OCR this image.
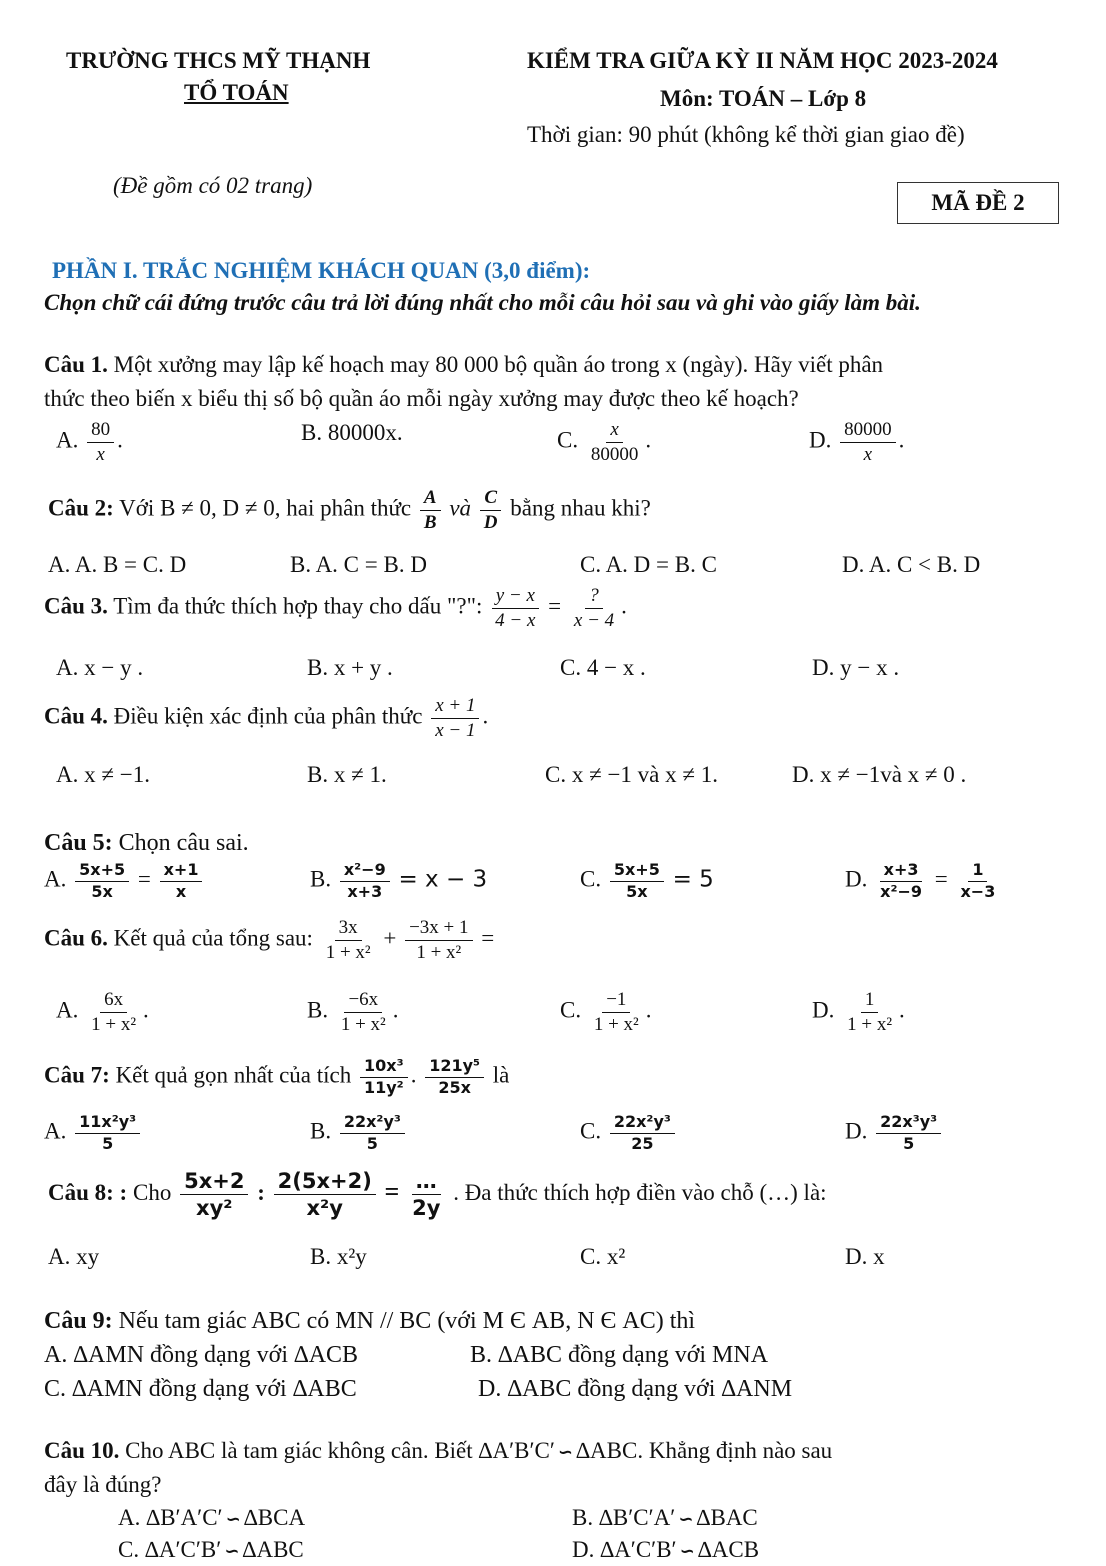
TRƯỜNG THCS MỸ THẠNH
TỔ TOÁN
KIỂM TRA GIỮA KỲ II NĂM HỌC 2023-2024
Môn: TOÁN – Lớp 8
Thời gian: 90 phút (không kể thời gian giao đề)
(Đề gồm có 02 trang)
MÃ ĐỀ 2
PHẦN I. TRẮC NGHIỆM KHÁCH QUAN (3,0 điểm):
Chọn chữ cái đứng trước câu trả lời đúng nhất cho mỗi câu hỏi sau và ghi vào giấy làm bài.
Câu 1. Một xưởng may lập kế hoạch may 80 000 bộ quần áo trong x (ngày). Hãy viết phân
thức theo biến x biểu thị số bộ quần áo mỗi ngày xưởng may được theo kế hoạch?
A. $\frac{80}{x}$ .	B. 80000x.	C. $\frac{x}{80000}$ .	D. $\frac{80000}{x}$ .
Câu 2: Với B ≠ 0, D ≠ 0, hai phân thức $\frac{A}{B}$ và $\frac{C}{D}$ bằng nhau khi?
A. A. B = C. D	B. A. C = B. D	C. A. D = B. C	D. A. C < B. D
Câu 3. Tìm đa thức thích hợp thay cho dấu "?": $\frac{y - x}{4 - x} = \frac{?}{x - 4}$ .
A. x − y .	B. x + y .	C. 4 − x .	D. y − x .
Câu 4. Điều kiện xác định của phân thức $\frac{x + 1}{x - 1}$ .
A. x ≠ −1.	B. x ≠ 1.	C. x ≠ −1 và x ≠ 1.	D. x ≠ −1và x ≠ 0 .
Câu 5: Chọn câu sai.
A. $\frac{5x+5}{5x} = \frac{x+1}{x}$	B. $\frac{\text{x²−9}}{x+3} = x - 3$	C. $\frac{5x+5}{5x} = 5$	D. $\frac{x+3}{\text{x²−9}} = \frac{1}{x-3}$
Câu 6. Kết quả của tổng sau: $\frac{3x}{\text{1 + x²}} + \frac{-3x + 1}{\text{1 + x²}}$ =
A. $\frac{6x}{\text{1 + x²}}$ .	B. $\frac{-6x}{\text{1 + x²}}$ .	C. $\frac{-1}{\text{1 + x²}}$ .	D. $\frac{1}{\text{1 + x²}}$ .
Câu 7: Kết quả gọn nhất của tích $\frac{\text{10x³}}{\text{11y²}}$ . $\frac{\text{121y⁵}}{25x}$ là
A. $\frac{\text{11x²y³}}{5}$	B. $\frac{\text{22x²y³}}{5}$	C. $\frac{\text{22x²y³}}{25}$	D. $\frac{\text{22x³y³}}{5}$
Câu 8: : Cho $\frac{5x+2}{\text{xy²}}$ : $\frac{2(5x+2)}{\text{x²y}} = \frac{\dots}{2y}$ . Đa thức thích hợp điền vào chỗ (…) là:
A. xy	B. x²y	C. x²	D. x
Câu 9: Nếu tam giác ABC có MN // BC (với M Є AB, N Є AC) thì
A. ∆AMN đồng dạng với ∆ACB	B. ∆ABC đồng dạng với MNA
C. ∆AMN đồng dạng với ∆ABC	D. ∆ABC đồng dạng với ∆ANM
Câu 10. Cho ABC là tam giác không cân. Biết ∆A′B′C′ ∽ ∆ABC. Khẳng định nào sau
đây là đúng?
A. ∆B′A′C′ ∽ ∆BCA	B. ∆B′C′A′ ∽ ∆BAC
C. ∆A′C′B′ ∽ ∆ABC	D. ∆A′C′B′ ∽ ∆ACB
